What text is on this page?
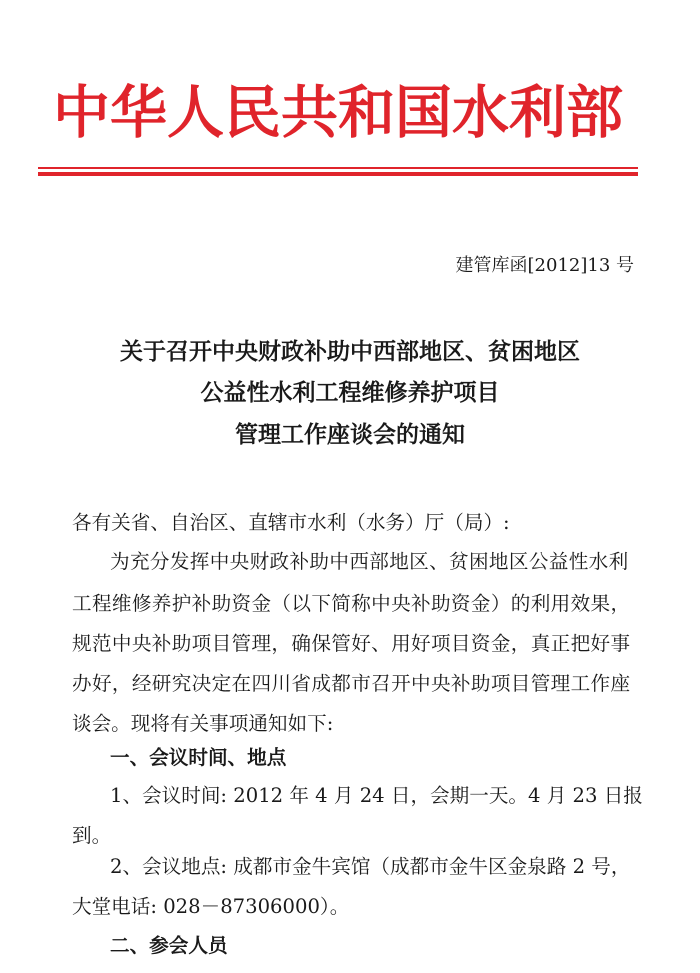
中华人民共和国水利部
建管库函[2012]13 号
关于召开中央财政补助中西部地区、贫困地区
公益性水利工程维修养护项目
管理工作座谈会的通知
各有关省、自治区、直辖市水利（水务）厅（局）:
为充分发挥中央财政补助中西部地区、贫困地区公益性水利
工程维修养护补助资金（以下简称中央补助资金）的利用效果，
规范中央补助项目管理，确保管好、用好项目资金，真正把好事
办好，经研究决定在四川省成都市召开中央补助项目管理工作座
谈会。现将有关事项通知如下:
一、会议时间、地点
1、会议时间: 2012 年 4 月 24 日，会期一天。4 月 23 日报
到。
2、会议地点: 成都市金牛宾馆（成都市金牛区金泉路 2 号，
大堂电话: 028－87306000）。
二、参会人员
